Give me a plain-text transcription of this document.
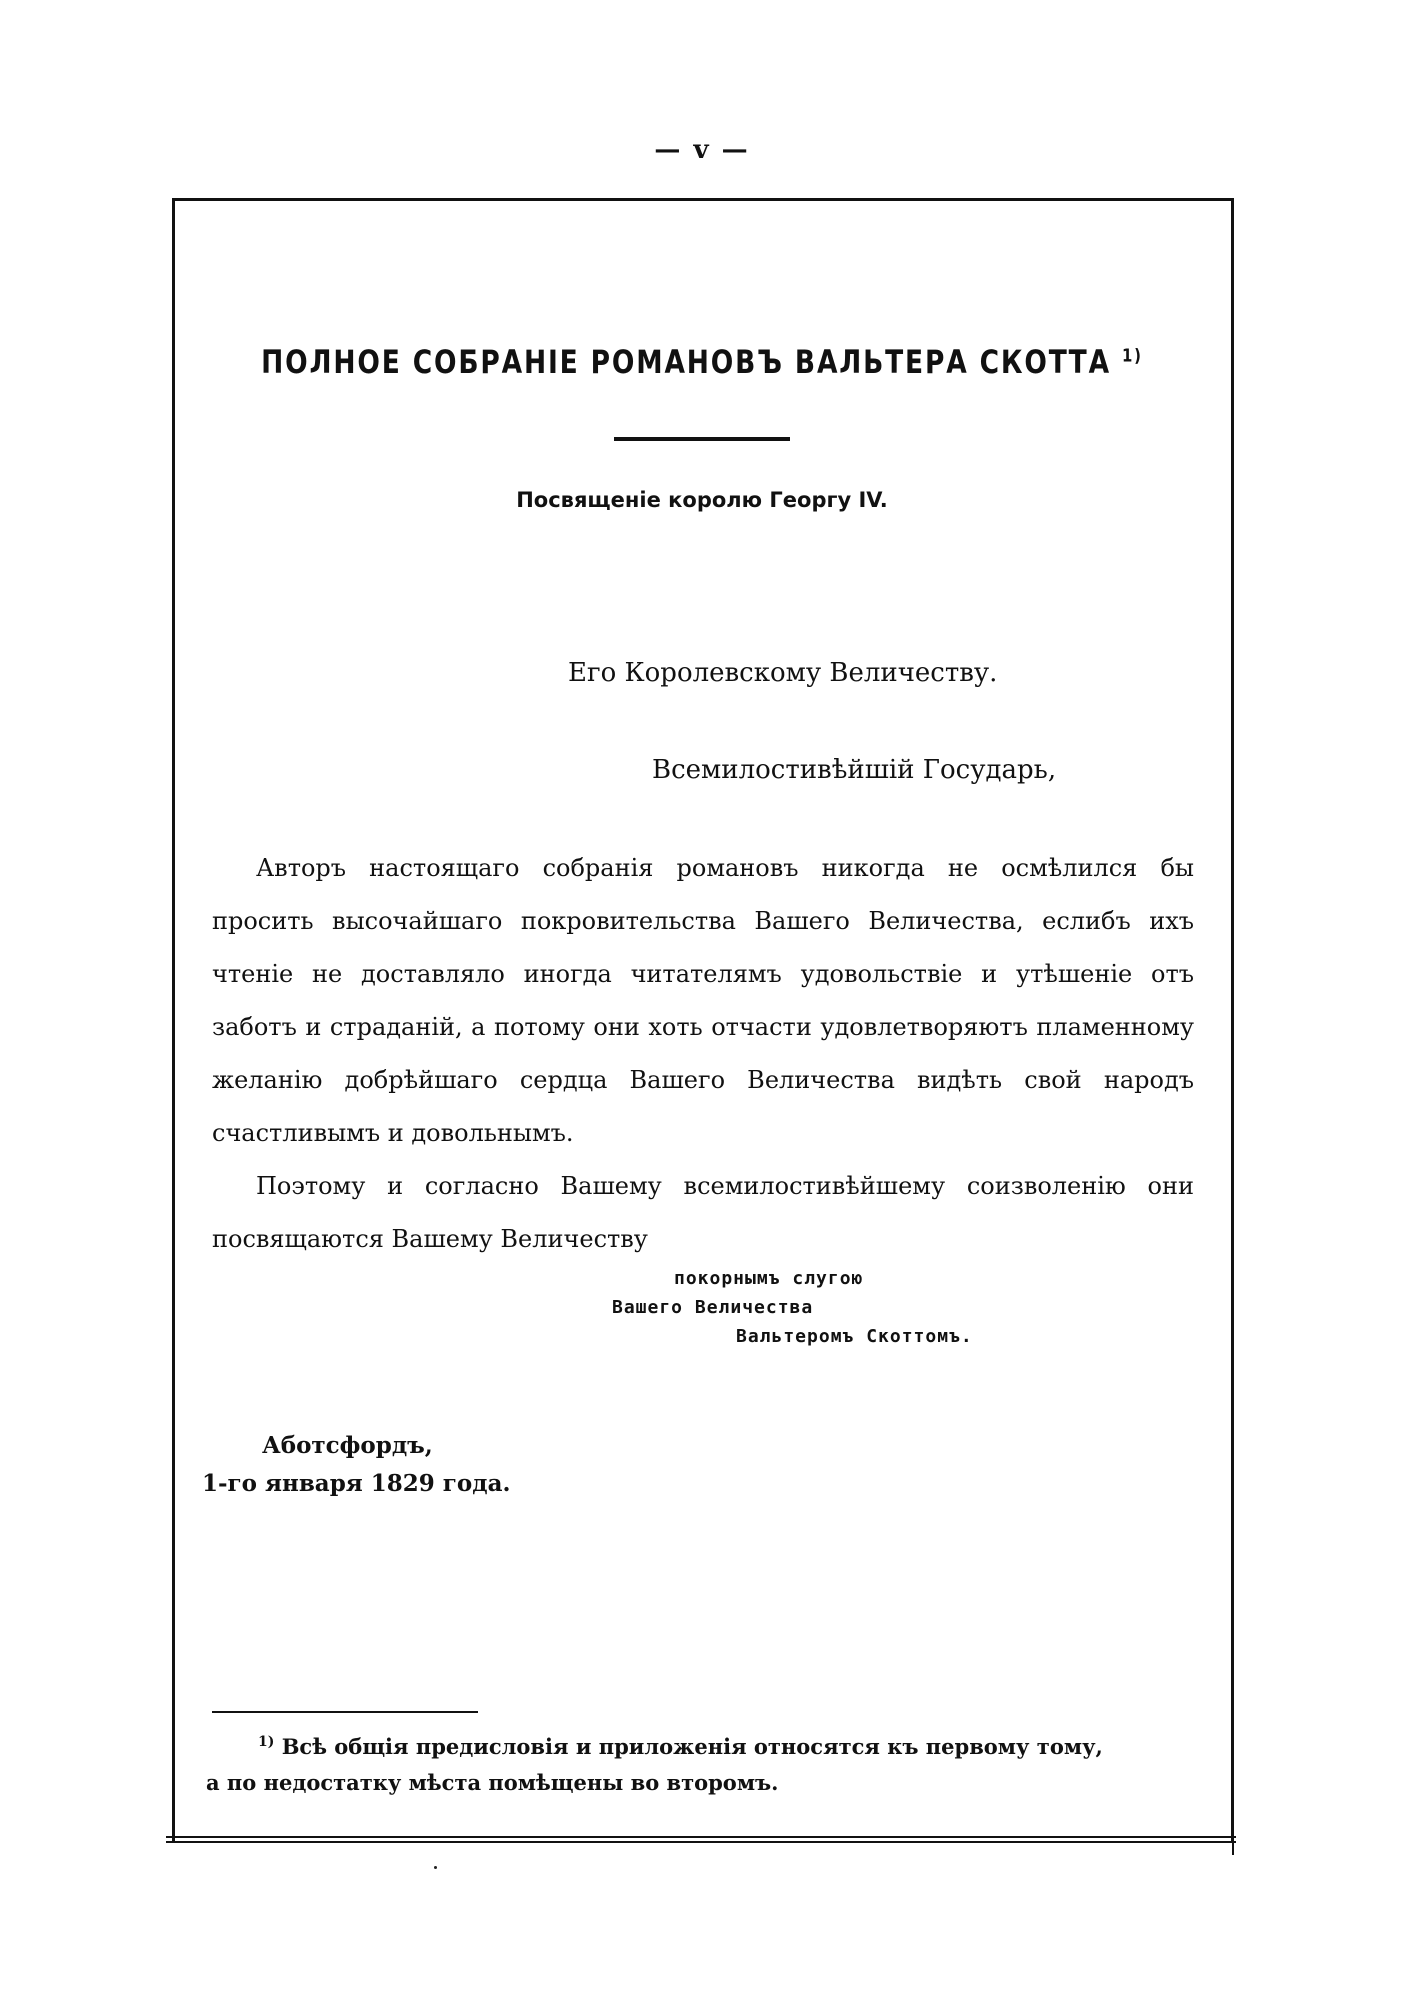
— v —
ПОЛНОЕ СОБРАНІЕ РОМАНОВЪ ВАЛЬТЕРА СКОТТА $^{1)}$
Посвященіе королю Георгу IV.
Его Королевскому Величеству.
Всемилостивѣйшій Государь,

Авторъ настоящаго собранія романовъ никогда не осмѣлился бы просить высочайшаго покровительства Вашего Величества, еслибъ ихъ чтеніе не доставляло иногда читателямъ удовольствіе и утѣшеніе отъ заботъ и страданій, а потому они хоть отчасти удовлетворяютъ пламенному желанію добрѣйшаго сердца Вашего Величества видѣть свой народъ счастливымъ и довольнымъ.

Поэтому и согласно Вашему всемилостивѣйшему соизволенію они посвящаются Вашему Величеству

покорнымъ слугою
Вашего Величества
Вальтеромъ Скоттомъ.
Аботсфордъ,
1-го января 1829 года.

$^{1)}$ Всѣ общія предисловія и приложенія относятся къ первому тому,

а по недостатку мѣста помѣщены во второмъ.
